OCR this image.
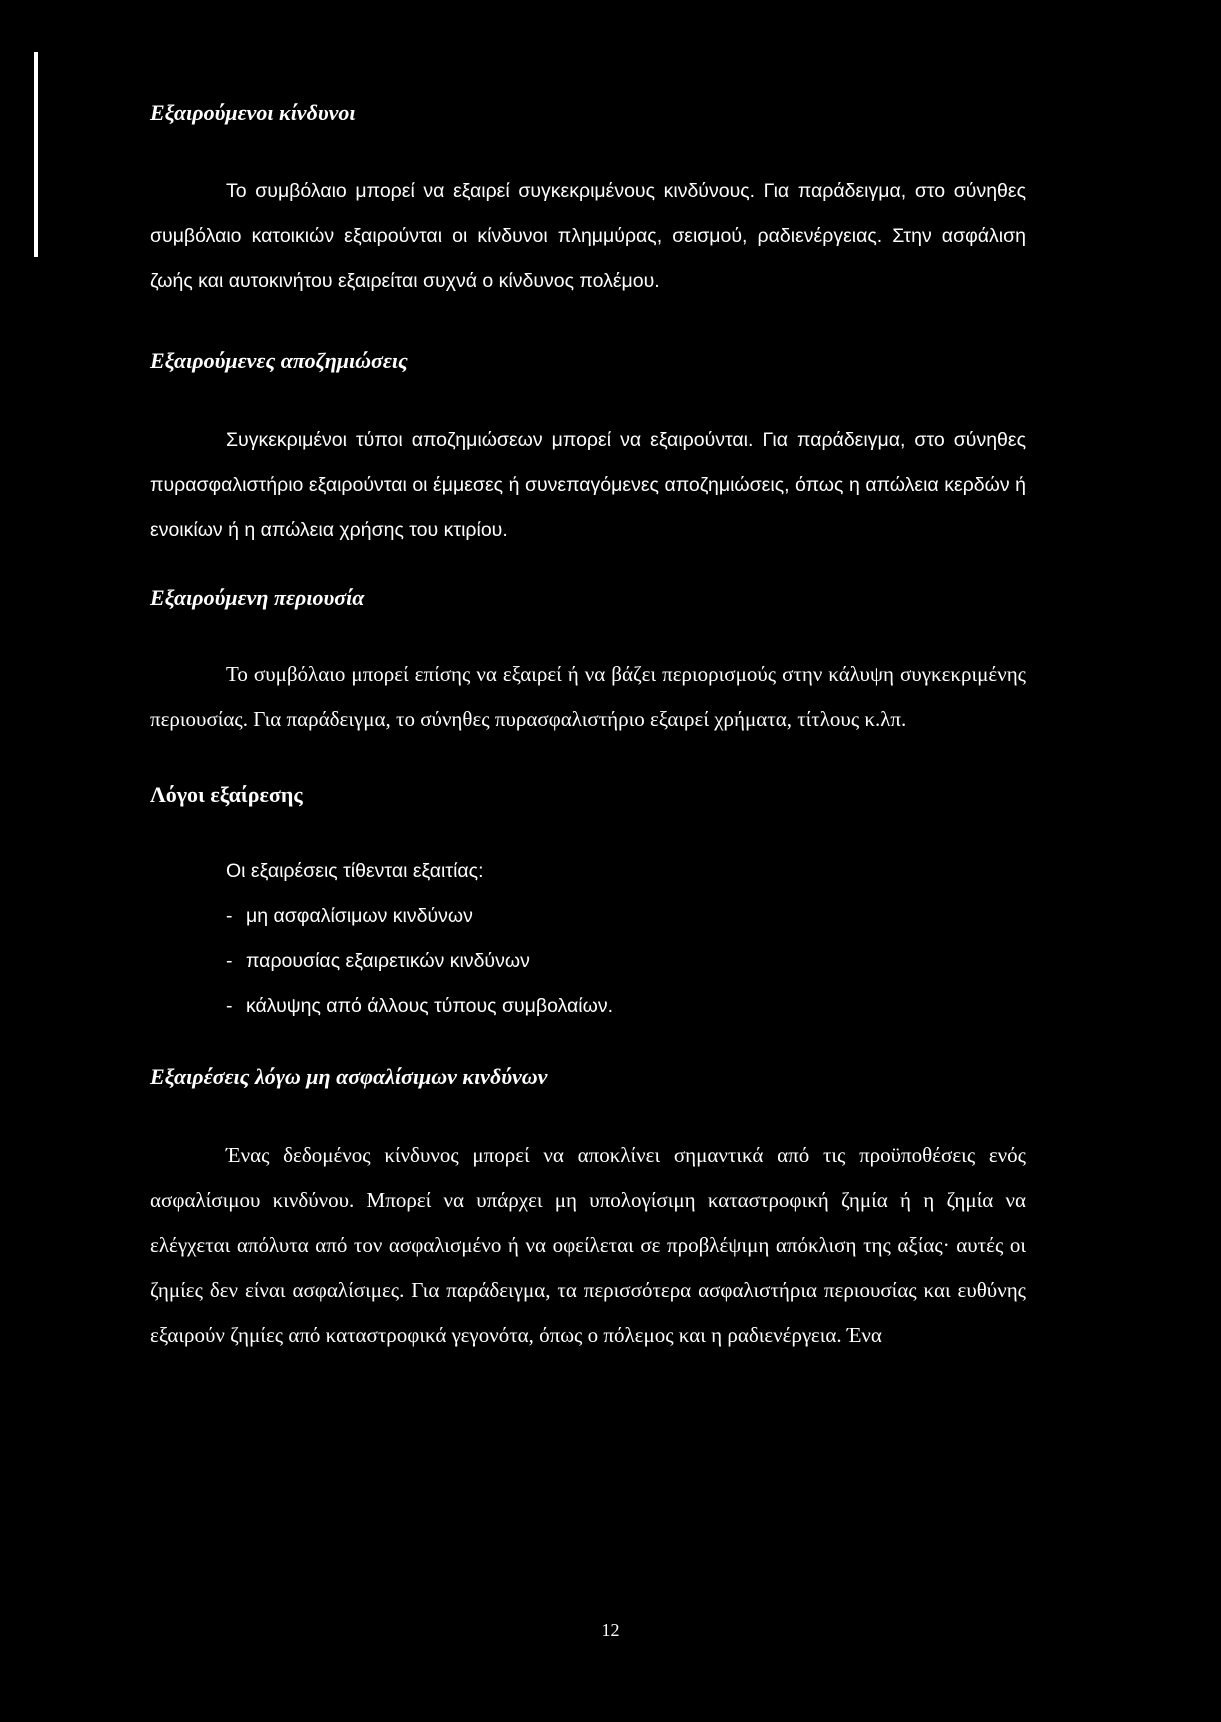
Εξαιρούμενοι κίνδυνοι

Το συμβόλαιο μπορεί να εξαιρεί συγκεκριμένους κινδύνους. Για παράδειγμα, στο σύνηθες συμβόλαιο κατοικιών εξαιρούνται οι κίνδυνοι πλημμύρας, σεισμού, ραδιενέργειας. Στην ασφάλιση ζωής και αυτοκινήτου εξαιρείται συχνά ο κίνδυνος πολέμου.

Εξαιρούμενες αποζημιώσεις

Συγκεκριμένοι τύποι αποζημιώσεων μπορεί να εξαιρούνται. Για παράδειγμα, στο σύνηθες πυρασφαλιστήριο εξαιρούνται οι έμμεσες ή συνεπαγόμενες αποζημιώσεις, όπως η απώλεια κερδών ή ενοικίων ή η απώλεια χρήσης του κτιρίου.

Εξαιρούμενη περιουσία

Το συμβόλαιο μπορεί επίσης να εξαιρεί ή να βάζει περιορισμούς στην κάλυψη συγκεκριμένης περιουσίας. Για παράδειγμα, το σύνηθες πυρασφαλιστήριο εξαιρεί χρήματα, τίτλους κ.λπ.

Λόγοι εξαίρεσης

Οι εξαιρέσεις τίθενται εξαιτίας:

- μη ασφαλίσιμων κινδύνων
- παρουσίας εξαιρετικών κινδύνων
- κάλυψης από άλλους τύπους συμβολαίων.
Εξαιρέσεις λόγω μη ασφαλίσιμων κινδύνων

Ένας δεδομένος κίνδυνος μπορεί να αποκλίνει σημαντικά από τις προϋποθέσεις ενός ασφαλίσιμου κινδύνου. Μπορεί να υπάρχει μη υπολογίσιμη καταστροφική ζημία ή η ζημία να ελέγχεται απόλυτα από τον ασφαλισμένο ή να οφείλεται σε προβλέψιμη απόκλιση της αξίας· αυτές οι ζημίες δεν είναι ασφαλίσιμες. Για παράδειγμα, τα περισσότερα ασφαλιστήρια περιουσίας και ευθύνης εξαιρούν ζημίες από καταστροφικά γεγονότα, όπως ο πόλεμος και η ραδιενέργεια. Ένα

12
